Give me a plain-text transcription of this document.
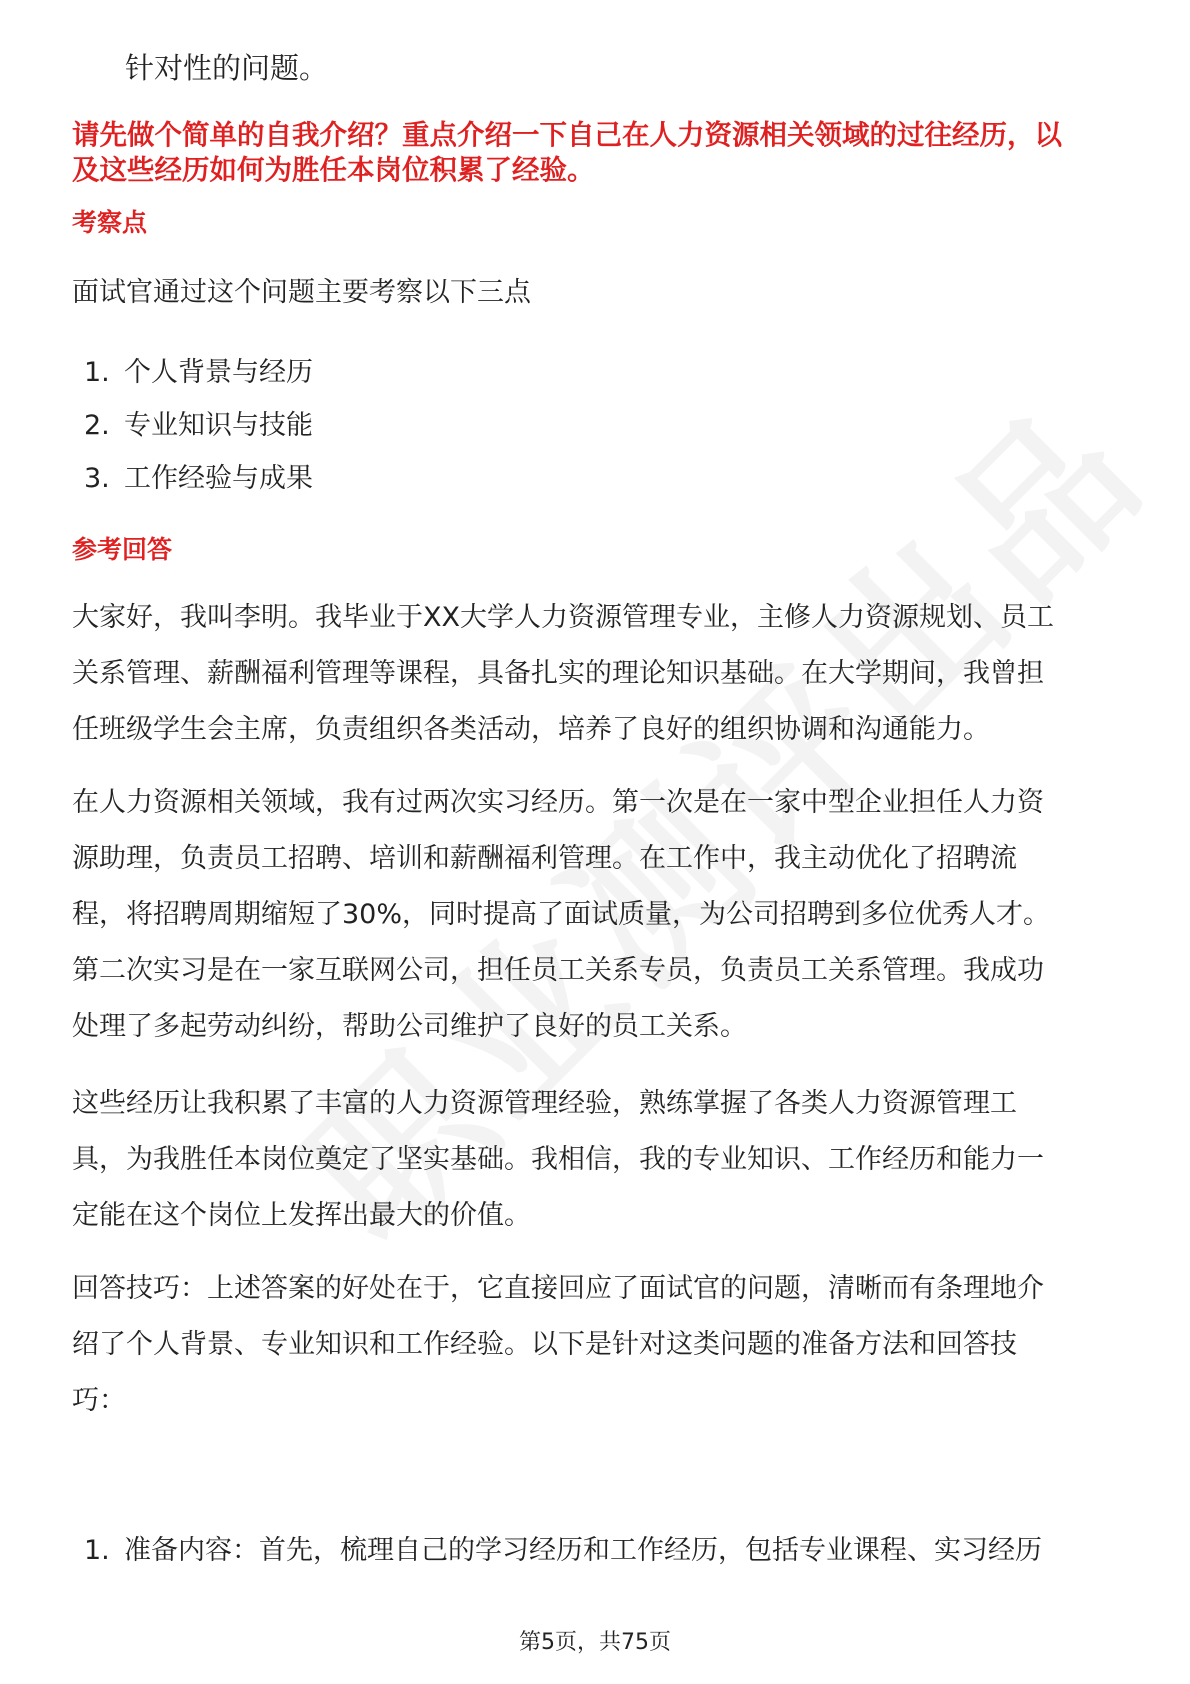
针对性的问题。
请先做个简单的自我介绍？重点介绍一下自己在人力资源相关领域的过往经历，以
及这些经历如何为胜任本岗位积累了经验。
考察点
面试官通过这个问题主要考察以下三点
1. 个人背景与经历
2. 专业知识与技能
3. 工作经验与成果
参考回答
大家好，我叫李明。我毕业于XX大学人力资源管理专业，主修人力资源规划、员工
关系管理、薪酬福利管理等课程，具备扎实的理论知识基础。在大学期间，我曾担
任班级学生会主席，负责组织各类活动，培养了良好的组织协调和沟通能力。
在人力资源相关领域，我有过两次实习经历。第一次是在一家中型企业担任人力资
源助理，负责员工招聘、培训和薪酬福利管理。在工作中，我主动优化了招聘流
程，将招聘周期缩短了30%，同时提高了面试质量，为公司招聘到多位优秀人才。
第二次实习是在一家互联网公司，担任员工关系专员，负责员工关系管理。我成功
处理了多起劳动纠纷，帮助公司维护了良好的员工关系。
这些经历让我积累了丰富的人力资源管理经验，熟练掌握了各类人力资源管理工
具，为我胜任本岗位奠定了坚实基础。我相信，我的专业知识、工作经历和能力一
定能在这个岗位上发挥出最大的价值。
回答技巧：上述答案的好处在于，它直接回应了面试官的问题，清晰而有条理地介
绍了个人背景、专业知识和工作经验。以下是针对这类问题的准备方法和回答技
巧：
1. 准备内容：首先，梳理自己的学习经历和工作经历，包括专业课程、实习经历
第5页，共75页
